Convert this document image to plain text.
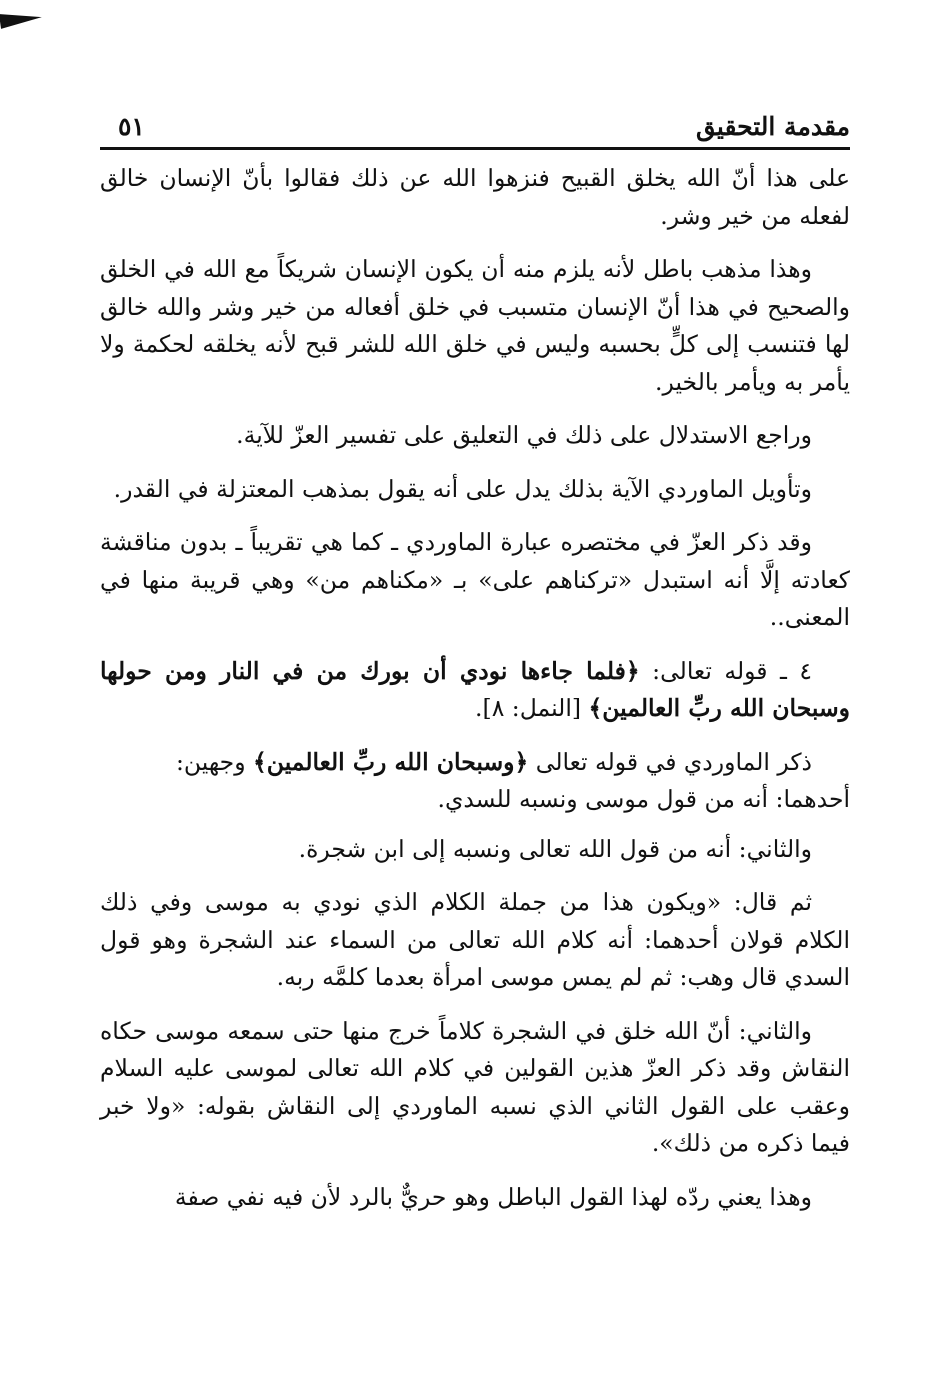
مقدمة التحقيق
٥١

على هذا أنّ الله يخلق القبيح فنزهوا الله عن ذلك فقالوا بأنّ الإنسان خالق لفعله من خير وشر.

وهذا مذهب باطل لأنه يلزم منه أن يكون الإنسان شريكاً مع الله في الخلق والصحيح في هذا أنّ الإنسان متسبب في خلق أفعاله من خير وشر والله خالق لها فتنسب إلى كلٍّ بحسبه وليس في خلق الله للشر قبح لأنه يخلقه لحكمة ولا يأمر به ويأمر بالخير.

وراجع الاستدلال على ذلك في التعليق على تفسير العزّ للآية.

وتأويل الماوردي الآية بذلك يدل على أنه يقول بمذهب المعتزلة في القدر.

وقد ذكر العزّ في مختصره عبارة الماوردي ـ كما هي تقريباً ـ بدون مناقشة كعادته إلَّا أنه استبدل «تركناهم على» بـ «مكناهم من» وهي قريبة منها في المعنى..

٤ ـ قوله تعالى: ﴿فلما جاءها نودي أن بورك من في النار ومن حولها وسبحان الله ربِّ العالمين﴾ [النمل: ٨].

ذكر الماوردي في قوله تعالى ﴿وسبحان الله ربِّ العالمين﴾ وجهين:
أحدهما: أنه من قول موسى ونسبه للسدي.

والثاني: أنه من قول الله تعالى ونسبه إلى ابن شجرة.

ثم قال: «ويكون هذا من جملة الكلام الذي نودي به موسى وفي ذلك الكلام قولان أحدهما: أنه كلام الله تعالى من السماء عند الشجرة وهو قول السدي قال وهب: ثم لم يمس موسى امرأة بعدما كلمَّه ربه.

والثاني: أنّ الله خلق في الشجرة كلاماً خرج منها حتى سمعه موسى حكاه النقاش وقد ذكر العزّ هذين القولين في كلام الله تعالى لموسى عليه السلام وعقب على القول الثاني الذي نسبه الماوردي إلى النقاش بقوله: «ولا خبر فيما ذكره من ذلك».

وهذا يعني ردّه لهذا القول الباطل وهو حريٌّ بالرد لأن فيه نفي صفة
